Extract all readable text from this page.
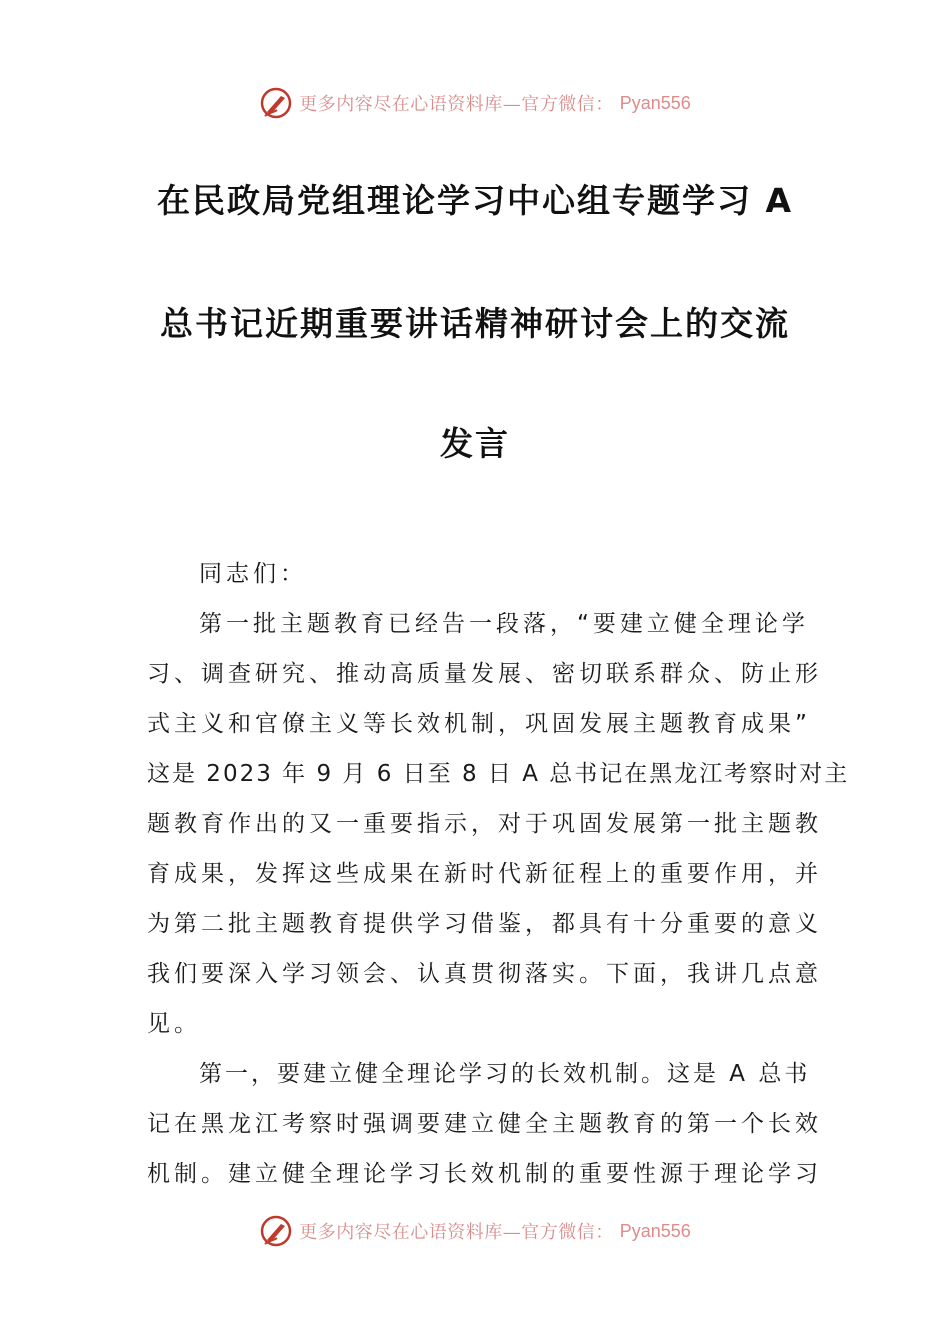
更多内容尽在心语资料库—官方微信： Pyan556
在民政局党组理论学习中心组专题学习 A
总书记近期重要讲话精神研讨会上的交流
发言
同志们：
第一批主题教育已经告一段落，“要建立健全理论学
习、调查研究、推动高质量发展、密切联系群众、防止形
式主义和官僚主义等长效机制，巩固发展主题教育成果”
这是 2023 年 9 月 6 日至 8 日 A 总书记在黑龙江考察时对主
题教育作出的又一重要指示，对于巩固发展第一批主题教
育成果，发挥这些成果在新时代新征程上的重要作用，并
为第二批主题教育提供学习借鉴，都具有十分重要的意义
我们要深入学习领会、认真贯彻落实。下面，我讲几点意
见。
第一，要建立健全理论学习的长效机制。这是 A 总书
记在黑龙江考察时强调要建立健全主题教育的第一个长效
机制。建立健全理论学习长效机制的重要性源于理论学习
更多内容尽在心语资料库—官方微信： Pyan556
